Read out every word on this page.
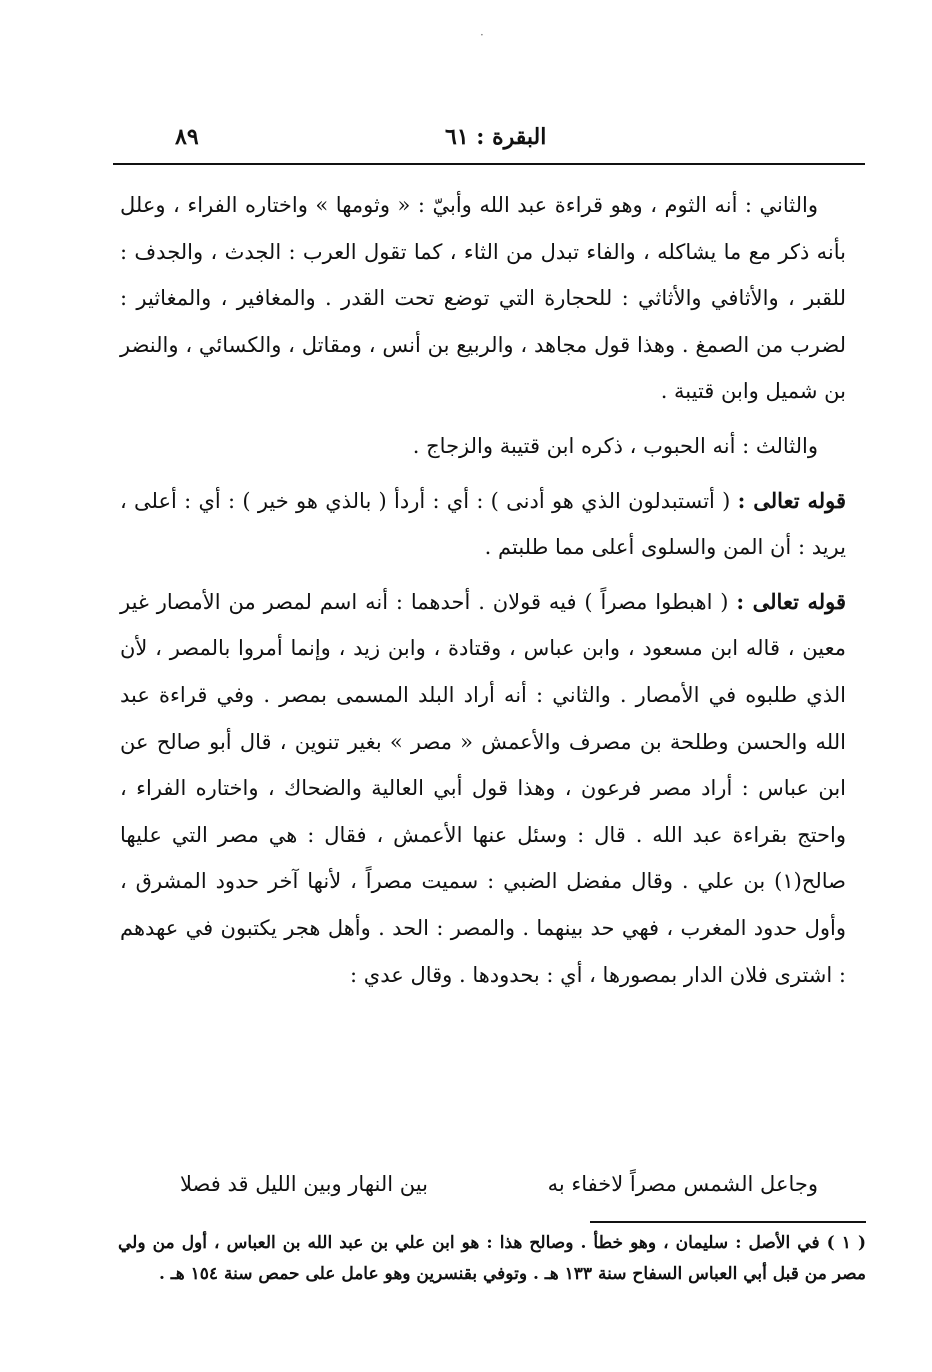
·
٨٩	البقرة : ٦١

والثاني : أنه الثوم ، وهو قراءة عبد الله وأبيّ : « وثومها » واختاره الفراء ، وعلل بأنه ذكر مع ما يشاكله ، والفاء تبدل من الثاء ، كما تقول العرب : الجدث ، والجدف : للقبر ، والأثافي والأثاثي : للحجارة التي توضع تحت القدر . والمغافير ، والمغاثير : لضرب من الصمغ . وهذا قول مجاهد ، والربيع بن أنس ، ومقاتل ، والكسائي ، والنضر بن شميل وابن قتيبة .

والثالث : أنه الحبوب ، ذكره ابن قتيبة والزجاج .

قوله تعالى : ( أتستبدلون الذي هو أدنى ) : أي : أردأ ( بالذي هو خير ) : أي : أعلى ، يريد : أن المن والسلوى أعلى مما طلبتم .

قوله تعالى : ( اهبطوا مصراً ) فيه قولان . أحدهما : أنه اسم لمصر من الأمصار غير معين ، قاله ابن مسعود ، وابن عباس ، وقتادة ، وابن زيد ، وإنما أمروا بالمصر ، لأن الذي طلبوه في الأمصار . والثاني : أنه أراد البلد المسمى بمصر . وفي قراءة عبد الله والحسن وطلحة بن مصرف والأعمش « مصر » بغير تنوين ، قال أبو صالح عن ابن عباس : أراد مصر فرعون ، وهذا قول أبي العالية والضحاك ، واختاره الفراء ، واحتج بقراءة عبد الله . قال : وسئل عنها الأعمش ، فقال : هي مصر التي عليها صالح(١) بن علي . وقال مفضل الضبي : سميت مصراً ، لأنها آخر حدود المشرق ، وأول حدود المغرب ، فهي حد بينهما . والمصر : الحد . وأهل هجر يكتبون في عهدهم : اشترى فلان الدار بمصورها ، أي : بحدودها . وقال عدي :

وجاعل الشمس مصراً لاخفاء به
بين النهار وبين الليل قد فصلا

( ١ ) في الأصل : سليمان ، وهو خطأ . وصالح هذا : هو ابن علي بن عبد الله بن العباس ، أول من ولي مصر من قبل أبي العباس السفاح سنة ١٣٣ هـ . وتوفي بقنسرين وهو عامل على حمص سنة ١٥٤ هـ .
